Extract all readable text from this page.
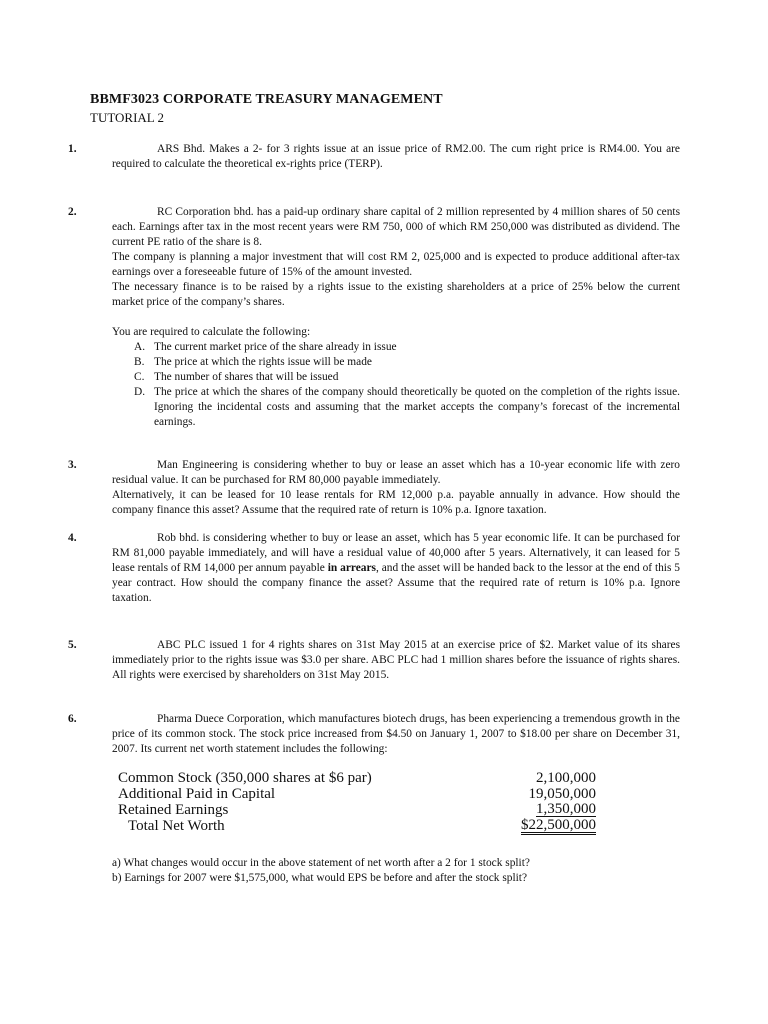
BBMF3023 CORPORATE TREASURY MANAGEMENT
TUTORIAL 2
1.	ARS Bhd. Makes a 2- for 3 rights issue at an issue price of RM2.00. The cum right price is RM4.00. You are required to calculate the theoretical ex-rights price (TERP).

2.	RC Corporation bhd. has a paid-up ordinary share capital of 2 million represented by 4 million shares of 50 cents each. Earnings after tax in the most recent years were RM 750, 000 of which RM 250,000 was distributed as dividend. The current PE ratio of the share is 8.

The company is planning a major investment that will cost RM 2, 025,000 and is expected to produce additional after-tax earnings over a foreseeable future of 15% of the amount invested.

The necessary finance is to be raised by a rights issue to the existing shareholders at a price of 25% below the current market price of the company’s shares.

You are required to calculate the following:

A. The current market price of the share already in issue
B. The price at which the rights issue will be made
C. The number of shares that will be issued
D. The price at which the shares of the company should theoretically be quoted on the completion of the rights issue. Ignoring the incidental costs and assuming that the market accepts the company’s forecast of the incremental earnings.
3.	Man Engineering is considering whether to buy or lease an asset which has a 10-year economic life with zero residual value. It can be purchased for RM 80,000 payable immediately.

Alternatively, it can be leased for 10 lease rentals for RM 12,000 p.a. payable annually in advance. How should the company finance this asset? Assume that the required rate of return is 10% p.a. Ignore taxation.

4.	Rob bhd. is considering whether to buy or lease an asset, which has 5 year economic life. It can be purchased for RM 81,000 payable immediately, and will have a residual value of 40,000 after 5 years. Alternatively, it can leased for 5 lease rentals of RM 14,000 per annum payable in arrears, and the asset will be handed back to the lessor at the end of this 5 year contract. How should the company finance the asset? Assume that the required rate of return is 10% p.a. Ignore taxation.

5.	ABC PLC issued 1 for 4 rights shares on 31st May 2015 at an exercise price of $2. Market value of its shares immediately prior to the rights issue was $3.0 per share. ABC PLC had 1 million shares before the issuance of rights shares. All rights were exercised by shareholders on 31st May 2015.

6.	Pharma Duece Corporation, which manufactures biotech drugs, has been experiencing a tremendous growth in the price of its common stock. The stock price increased from $4.50 on January 1, 2007 to $18.00 per share on December 31, 2007. Its current net worth statement includes the following:

Common Stock (350,000 shares at $6 par)	2,100,000
Additional Paid in Capital	19,050,000
Retained Earnings	1,350,000
Total Net Worth	$22,500,000

a) What changes would occur in the above statement of net worth after a 2 for 1 stock split?

b) Earnings for 2007 were $1,575,000, what would EPS be before and after the stock split?
